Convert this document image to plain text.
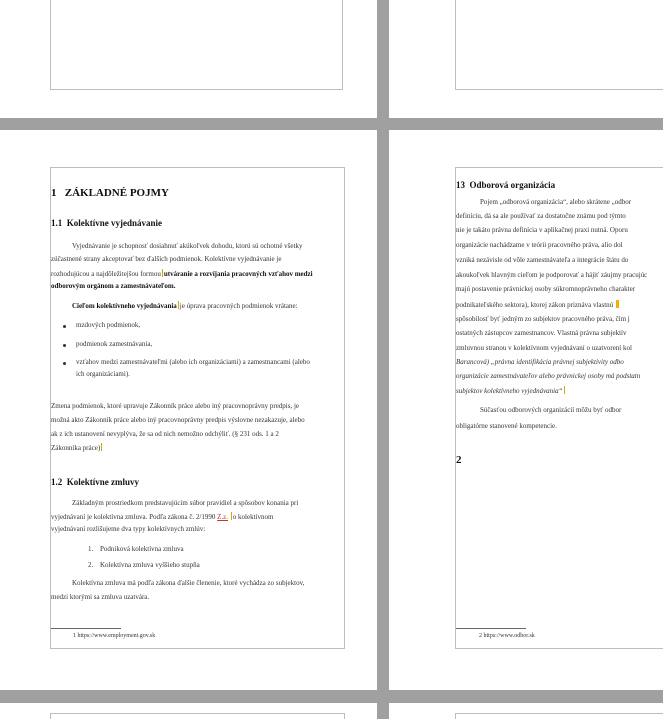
1 ZÁKLADNÉ POJMY
1.1 Kolektívne vyjednávanie
Vyjednávanie je schopnosť dosiahnuť akúkoľvek dohodu, ktorú sú ochotné všetky
zúčastnené strany akceptovať bez ďalších podmienok. Kolektívne vyjednávanie je
rozhodujúcou a najdôležitejšou formou utváranie a rozvíjania pracovných vzťahov medzi
odborovým orgánom a zamestnávateľom.
Cieľom kolektívneho vyjednávania je úprava pracovných podmienok vrátane:
mzdových podmienok,
podmienok zamestnávania,
vzťahov medzi zamestnávateľmi (alebo ich organizáciami) a zamestnancami (alebo
ich organizáciami).
Zmena podmienok, ktoré upravuje Zákonník práce alebo iný pracovnoprávny predpis, je
možná akto Zákonník práce alebo iný pracovnoprávny predpis výslovne nezakazuje, alebo
ak z ich ustanovení nevyplýva, že sa od nich nemožno odchýliť. (§ 231 ods. 1 a 2
Zákonníka práce)
1.2 Kolektívne zmluvy
Základným prostriedkom predstavujúcim súbor pravidiel a spôsobov konania pri
vyjednávaní je kolektívna zmluva. Podľa zákona č. 2/1990 Z.z. o kolektívnom
vyjednávaní rozlišujeme dva typy kolektívnych zmlúv:
1. Podniková kolektívna zmluva
2. Kolektívna zmluva vyššieho stupňa
Kolektívna zmluva má podľa zákona ďalšie členenie, ktoré vychádza zo subjektov,
medzi ktorými sa zmluva uzatvára.
1 https://www.employment.gov.sk
13 Odborová organizácia
Pojem „odborová organizácia“, alebo skrátene „odbor
definíciu, dá sa ale používať za dostatočne známu pod týmto
nie je takáto právna definícia v aplikačnej praxi nutná. Oporu
organizácie nachádzame v teórii pracovného práva, alio dol
vzniká nezávisle od vôle zamestnávateľa a integrácie štátu do
akoukoľvek hlavným cieľom je podporovať a hájiť záujmy pracujúc
majú postavenie právnickej osoby súkromnoprávneho charakter
podnikateľského sektora), ktorej zákon priznáva vlastnú
spôsobilosť byť jedným zo subjektov pracovného práva, čím j
ostatných zástupcov zamestnancov. Vlastná právna subjektív
zmluvnou stranou v kolektívnom vyjednávaní o uzatvorení kol
Barancová) „právna identifikácia právnej subjektivity odbo
organizácie zamestnávateľov alebo právnickej osoby má podstatn
subjektov kolektívneho vyjednávania“
Súčasťou odborových organizácií môžu byť odbor
obligatórne stanovené kompetencie.
2
2 https://www.odbor.sk
